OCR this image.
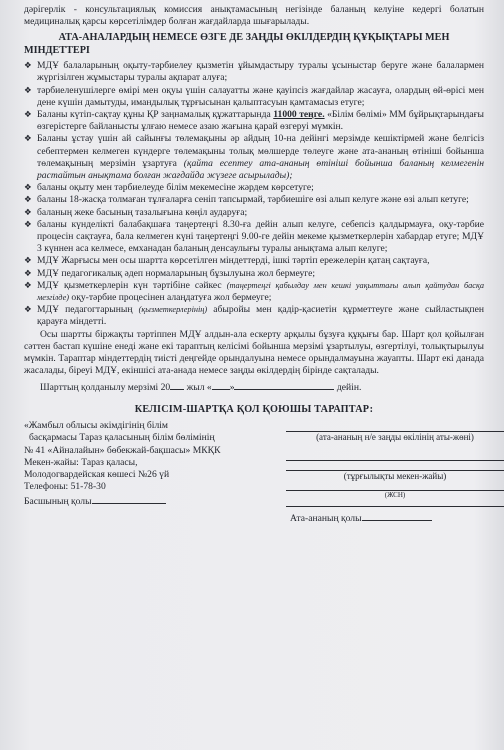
дәрігерлік - консультациялық комиссия анықтамасының негізінде баланың келуіне кедергі болатын медициналық қарсы көрсетілімдер болған жағдайларда шығарылады.

АТА-АНАЛАРДЫҢ НЕМЕСЕ ӨЗГЕ ДЕ ЗАҢДЫ ӨКІЛДЕРДІҢ ҚҰҚЫҚТАРЫ МЕН
МІНДЕТТЕРІ
❖ МДҰ балаларының оқыту-тәрбиелеу қызметін ұйымдастыру туралы ұсыныстар беруге және балалармен жүргізілген жұмыстары туралы ақпарат алуға;
❖ тәрбиеленушілерге өмірі мен оқуы үшін салауатты және қауіпсіз жағдайлар жасауға, олардың өй-өрісі мен дене күшін дамытуды, имандылық тұрғысынан қалыптасуын қамтамасыз етуге;
❖ Баланы күтіп-сақтау құны ҚР заңнамалық құжаттарында 11000 теңге. «Білім бөлімі» ММ бұйрықтарындағы өзгерістерге байланысты ұлғаю немесе азаю жағына қарай өзгеруі мүмкін.
❖ Баланы ұстау үшін ай сайынғы төлемақыны әр айдың 10-на дейінгі мерзімде кешіктірмей және белгісіз себептермен келмеген күндерге төлемақыны толық мөлшерде төлеуге және ата-ананың өтініші бойынша төлемақының мерзімін ұзартуға (қайта есептеу ата-ананың өтініші бойынша баланың келмегенін растайтын анықтама болған жағдайда жүзеге асырылады);
❖ баланы оқыту мен тәрбиелеуде білім мекемесіне жәрдем көрсетуге;
❖ баланы 18-жасқа толмаған тұлғаларға сеніп тапсырмай, тәрбиешіге өзі алып келуге және өзі алып кетуге;
❖ баланың жеке басының тазалығына көңіл аударуға;
❖ баланы күнделікті балабақшаға таңертеңгі 8.30-ға дейін алып келуге, себепсіз қалдырмауға, оқу-тәрбие процесін сақтауға, бала келмеген күні таңертеңгі 9.00-ге дейін мекеме қызметкерлерін хабардар етуге; МДҰ 3 күннен аса келмесе, емханадан баланың денсаулығы туралы анықтама алып келуге;
❖ МДҰ Жарғысы мен осы шартта көрсетілген міндеттерді, ішкі тәртіп ережелерін қатаң сақтауға,
❖ МДҰ педагогикалық әдеп нормаларының бұзылуына жол бермеуге;
❖ МДҰ қызметкерлерін күн тәртібіне сәйкес (таңертеңгі қабылдау мен кешкі уақыттағы алып қайтудан басқа мезгілде) оқу-тәрбие процесінен алаңдатуға жол бермеуге;
❖ МДҰ педагогтарының (қызметкерлерінің) абыройы мен қадір-қасиетін құрметтеуге және сыйластықпен қарауға міндетті.

Осы шартты біржақты тәртіппен МДҰ алдын-ала ескерту арқылы бұзуға құқығы бар. Шарт қол қойылған сәттен бастап күшіне енеді және екі тараптың келісімі бойынша мерзімі ұзартылуы, өзгертілуі, толықтырылуы мүмкін. Тараптар міндеттердің тиісті деңгейде орындалуына немесе орындалмауына жауапты. Шарт екі данада жасалады, біреуі МДҰ, екіншісі ата-анада немесе заңды өкілдердің бірінде сақталады.

Шарттың қолданылу мерзімі 20 жыл « »	дейін.

КЕЛІСІМ-ШАРТҚА ҚОЛ ҚОЮШЫ ТАРАПТАР:

«Жамбыл облысы әкімдігінің білім

басқармасы Тараз қаласының білім бөлімінің

№ 41 «Айналайын» бөбекжай-бақшасы» МКҚК

Мекен-жайы: Тараз қаласы,

Молодогвардейская көшесі №26 үй

Телефоны: 51-78-30

Басшының қолы

(ата-ананың н/е заңды өкілінің аты-жөні)
(тұрғылықты мекен-жайы)
(ЖСН)
Ата-ананың қолы
